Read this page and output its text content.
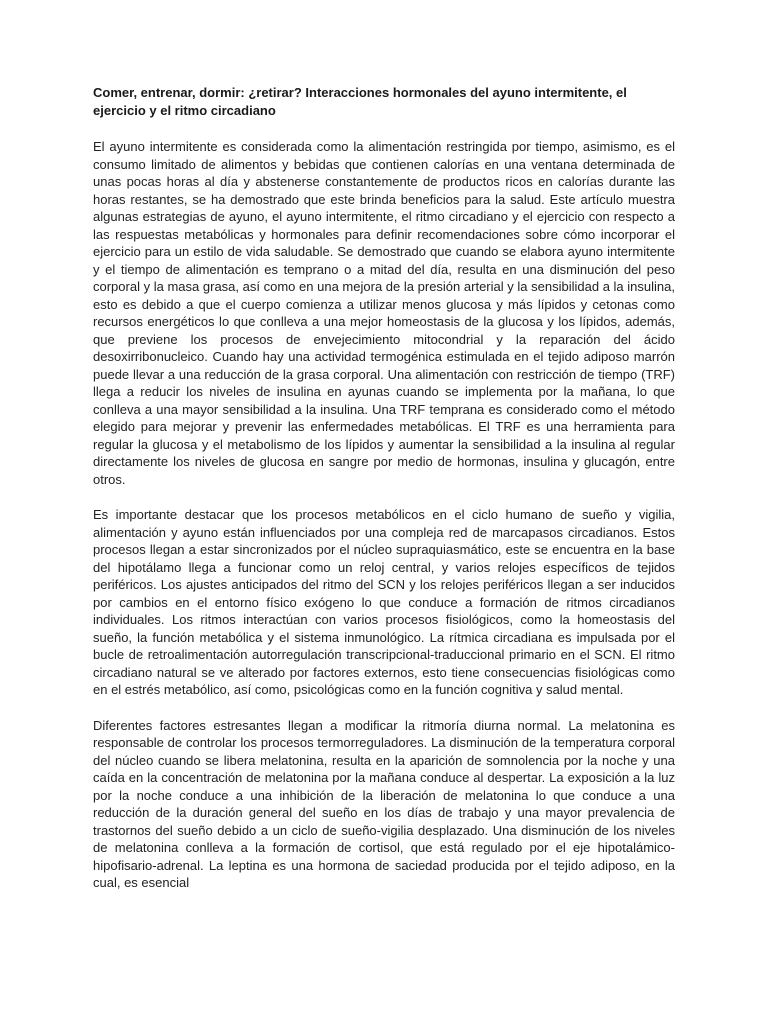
Comer, entrenar, dormir: ¿retirar? Interacciones hormonales del ayuno intermitente, el ejercicio y el ritmo circadiano

El ayuno intermitente es considerada como la alimentación restringida por tiempo, asimismo, es el consumo limitado de alimentos y bebidas que contienen calorías en una ventana determinada de unas pocas horas al día y abstenerse constantemente de productos ricos en calorías durante las horas restantes, se ha demostrado que este brinda beneficios para la salud. Este artículo muestra algunas estrategias de ayuno, el ayuno intermitente, el ritmo circadiano y el ejercicio con respecto a las respuestas metabólicas y hormonales para definir recomendaciones sobre cómo incorporar el ejercicio para un estilo de vida saludable. Se demostrado que cuando se elabora ayuno intermitente y el tiempo de alimentación es temprano o a mitad del día, resulta en una disminución del peso corporal y la masa grasa, así como en una mejora de la presión arterial y la sensibilidad a la insulina, esto es debido a que el cuerpo comienza a utilizar menos glucosa y más lípidos y cetonas como recursos energéticos lo que conlleva a una mejor homeostasis de la glucosa y los lípidos, además, que previene los procesos de envejecimiento mitocondrial y la reparación del ácido desoxirribonucleico. Cuando hay una actividad termogénica estimulada en el tejido adiposo marrón puede llevar a una reducción de la grasa corporal. Una alimentación con restricción de tiempo (TRF) llega a reducir los niveles de insulina en ayunas cuando se implementa por la mañana, lo que conlleva a una mayor sensibilidad a la insulina. Una TRF temprana es considerado como el método elegido para mejorar y prevenir las enfermedades metabólicas. El TRF es una herramienta para regular la glucosa y el metabolismo de los lípidos y aumentar la sensibilidad a la insulina al regular directamente los niveles de glucosa en sangre por medio de hormonas, insulina y glucagón, entre otros.

Es importante destacar que los procesos metabólicos en el ciclo humano de sueño y vigilia, alimentación y ayuno están influenciados por una compleja red de marcapasos circadianos. Estos procesos llegan a estar sincronizados por el núcleo supraquiasmático, este se encuentra en la base del hipotálamo llega a funcionar como un reloj central, y varios relojes específicos de tejidos periféricos. Los ajustes anticipados del ritmo del SCN y los relojes periféricos llegan a ser inducidos por cambios en el entorno físico exógeno lo que conduce a formación de ritmos circadianos individuales. Los ritmos interactúan con varios procesos fisiológicos, como la homeostasis del sueño, la función metabólica y el sistema inmunológico. La rítmica circadiana es impulsada por el bucle de retroalimentación autorregulación transcripcional-traduccional primario en el SCN. El ritmo circadiano natural se ve alterado por factores externos, esto tiene consecuencias fisiológicas como en el estrés metabólico, así como, psicológicas como en la función cognitiva y salud mental.

Diferentes factores estresantes llegan a modificar la ritmoría diurna normal. La melatonina es responsable de controlar los procesos termorreguladores. La disminución de la temperatura corporal del núcleo cuando se libera melatonina, resulta en la aparición de somnolencia por la noche y una caída en la concentración de melatonina por la mañana conduce al despertar. La exposición a la luz por la noche conduce a una inhibición de la liberación de melatonina lo que conduce a una reducción de la duración general del sueño en los días de trabajo y una mayor prevalencia de trastornos del sueño debido a un ciclo de sueño-vigilia desplazado. Una disminución de los niveles de melatonina conlleva a la formación de cortisol, que está regulado por el eje hipotalámico-hipofisario-adrenal. La leptina es una hormona de saciedad producida por el tejido adiposo, en la cual, es esencial
